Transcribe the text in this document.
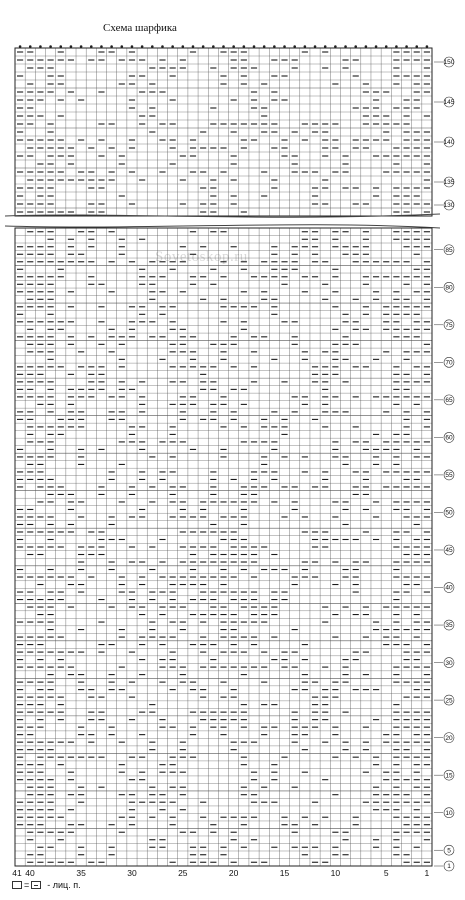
Схема шарфика
Sovetoskop.ru
150
145
140
135
130
85
80
75
70
65
60
55
50
45
40
35
30
25
20
15
10
5
1
41 40	35	30	25	20	15	10	5	1
= - лиц. п.
